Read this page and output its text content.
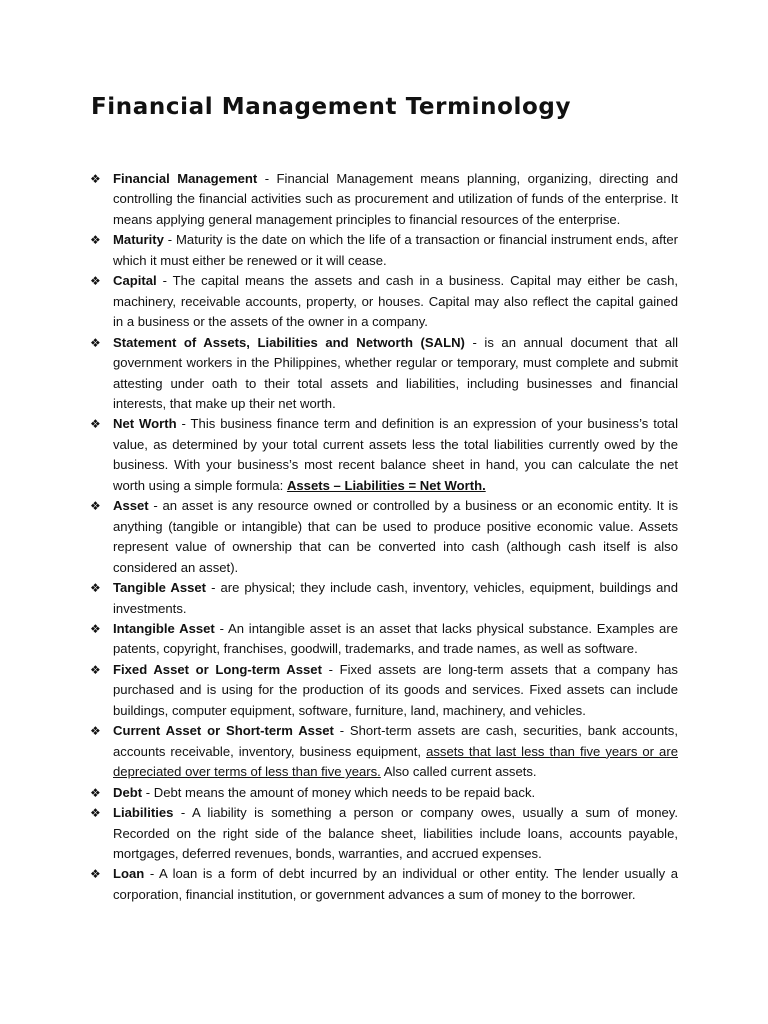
Financial Management Terminology
❖ Financial Management - Financial Management means planning, organizing, directing and controlling the financial activities such as procurement and utilization of funds of the enterprise. It means applying general management principles to financial resources of the enterprise.
❖ Maturity - Maturity is the date on which the life of a transaction or financial instrument ends, after which it must either be renewed or it will cease.
❖ Capital - The capital means the assets and cash in a business. Capital may either be cash, machinery, receivable accounts, property, or houses. Capital may also reflect the capital gained in a business or the assets of the owner in a company.
❖ Statement of Assets, Liabilities and Networth (SALN) - is an annual document that all government workers in the Philippines, whether regular or temporary, must complete and submit attesting under oath to their total assets and liabilities, including businesses and financial interests, that make up their net worth.
❖ Net Worth - This business finance term and definition is an expression of your business’s total value, as determined by your total current assets less the total liabilities currently owed by the business. With your business’s most recent balance sheet in hand, you can calculate the net worth using a simple formula: Assets – Liabilities = Net Worth.
❖ Asset - an asset is any resource owned or controlled by a business or an economic entity. It is anything (tangible or intangible) that can be used to produce positive economic value. Assets represent value of ownership that can be converted into cash (although cash itself is also considered an asset).
❖ Tangible Asset - are physical; they include cash, inventory, vehicles, equipment, buildings and investments.
❖ Intangible Asset - An intangible asset is an asset that lacks physical substance. Examples are patents, copyright, franchises, goodwill, trademarks, and trade names, as well as software.
❖ Fixed Asset or Long-term Asset - Fixed assets are long-term assets that a company has purchased and is using for the production of its goods and services. Fixed assets can include buildings, computer equipment, software, furniture, land, machinery, and vehicles.
❖ Current Asset or Short-term Asset - Short-term assets are cash, securities, bank accounts, accounts receivable, inventory, business equipment, assets that last less than five years or are depreciated over terms of less than five years. Also called current assets.
❖ Debt - Debt means the amount of money which needs to be repaid back.
❖ Liabilities - A liability is something a person or company owes, usually a sum of money. Recorded on the right side of the balance sheet, liabilities include loans, accounts payable, mortgages, deferred revenues, bonds, warranties, and accrued expenses.
❖ Loan - A loan is a form of debt incurred by an individual or other entity. The lender usually a corporation, financial institution, or government advances a sum of money to the borrower.
